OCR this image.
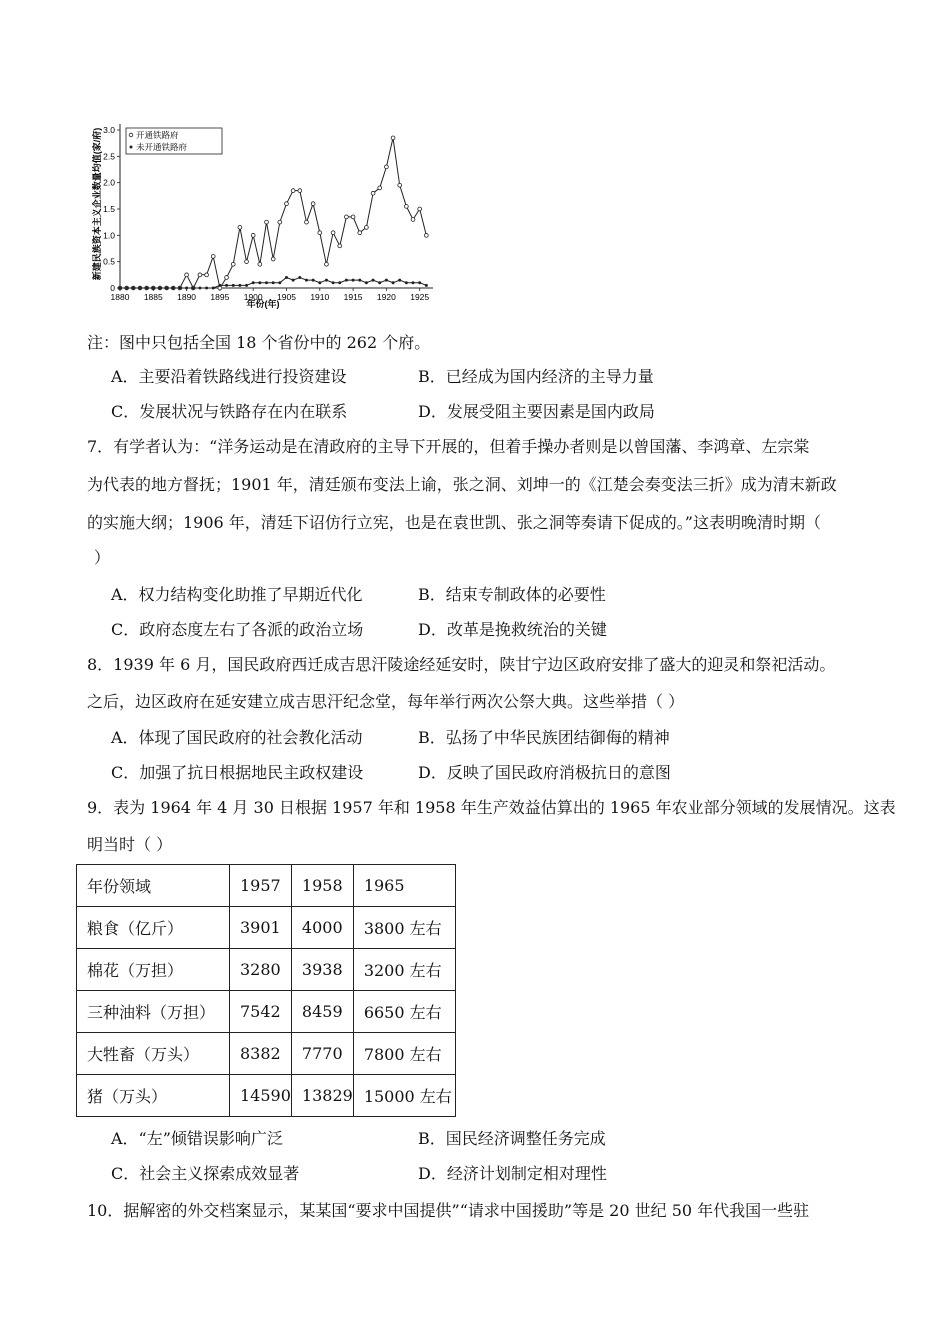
1880 1885 1890 1895 1900 1905 1910 1915 1920 1925
0
0.5
1.0
1.5
2.0
2.5
3.0 开通铁路府
未开通铁路府
新建民族资本主义企业数量均值(家/府)
年份(年)
注：图中只包括全国 18 个省份中的 262 个府。
A．主要沿着铁路线进行投资建设	B．已经成为国内经济的主导力量
C．发展状况与铁路存在内在联系	D．发展受阻主要因素是国内政局
7．有学者认为：“洋务运动是在清政府的主导下开展的，但着手操办者则是以曾国藩、李鸿章、左宗棠
为代表的地方督抚；1901 年，清廷颁布变法上谕，张之洞、刘坤一的《江楚会奏变法三折》成为清末新政
的实施大纲；1906 年，清廷下诏仿行立宪，也是在袁世凯、张之洞等奏请下促成的。”这表明晚清时期（
）
A．权力结构变化助推了早期近代化	B．结束专制政体的必要性
C．政府态度左右了各派的政治立场	D．改革是挽救统治的关键
8．1939 年 6 月，国民政府西迁成吉思汗陵途经延安时，陕甘宁边区政府安排了盛大的迎灵和祭祀活动。
之后，边区政府在延安建立成吉思汗纪念堂，每年举行两次公祭大典。这些举措（ ）
A．体现了国民政府的社会教化活动	B．弘扬了中华民族团结御侮的精神
C．加强了抗日根据地民主政权建设	D．反映了国民政府消极抗日的意图
9．表为 1964 年 4 月 30 日根据 1957 年和 1958 年生产效益估算出的 1965 年农业部分领域的发展情况。这表
明当时（ ）
年份领域	1957	1958	1965
粮食（亿斤）	3901	4000	3800 左右
棉花（万担）	3280	3938	3200 左右
三种油料（万担）	7542	8459	6650 左右
大牲畜（万头）	8382	7770	7800 左右
猪（万头）	14590	13829	15000 左右
A．“左”倾错误影响广泛	B．国民经济调整任务完成
C．社会主义探索成效显著	D．经济计划制定相对理性
10．据解密的外交档案显示，某某国“要求中国提供”“请求中国援助”等是 20 世纪 50 年代我国一些驻
